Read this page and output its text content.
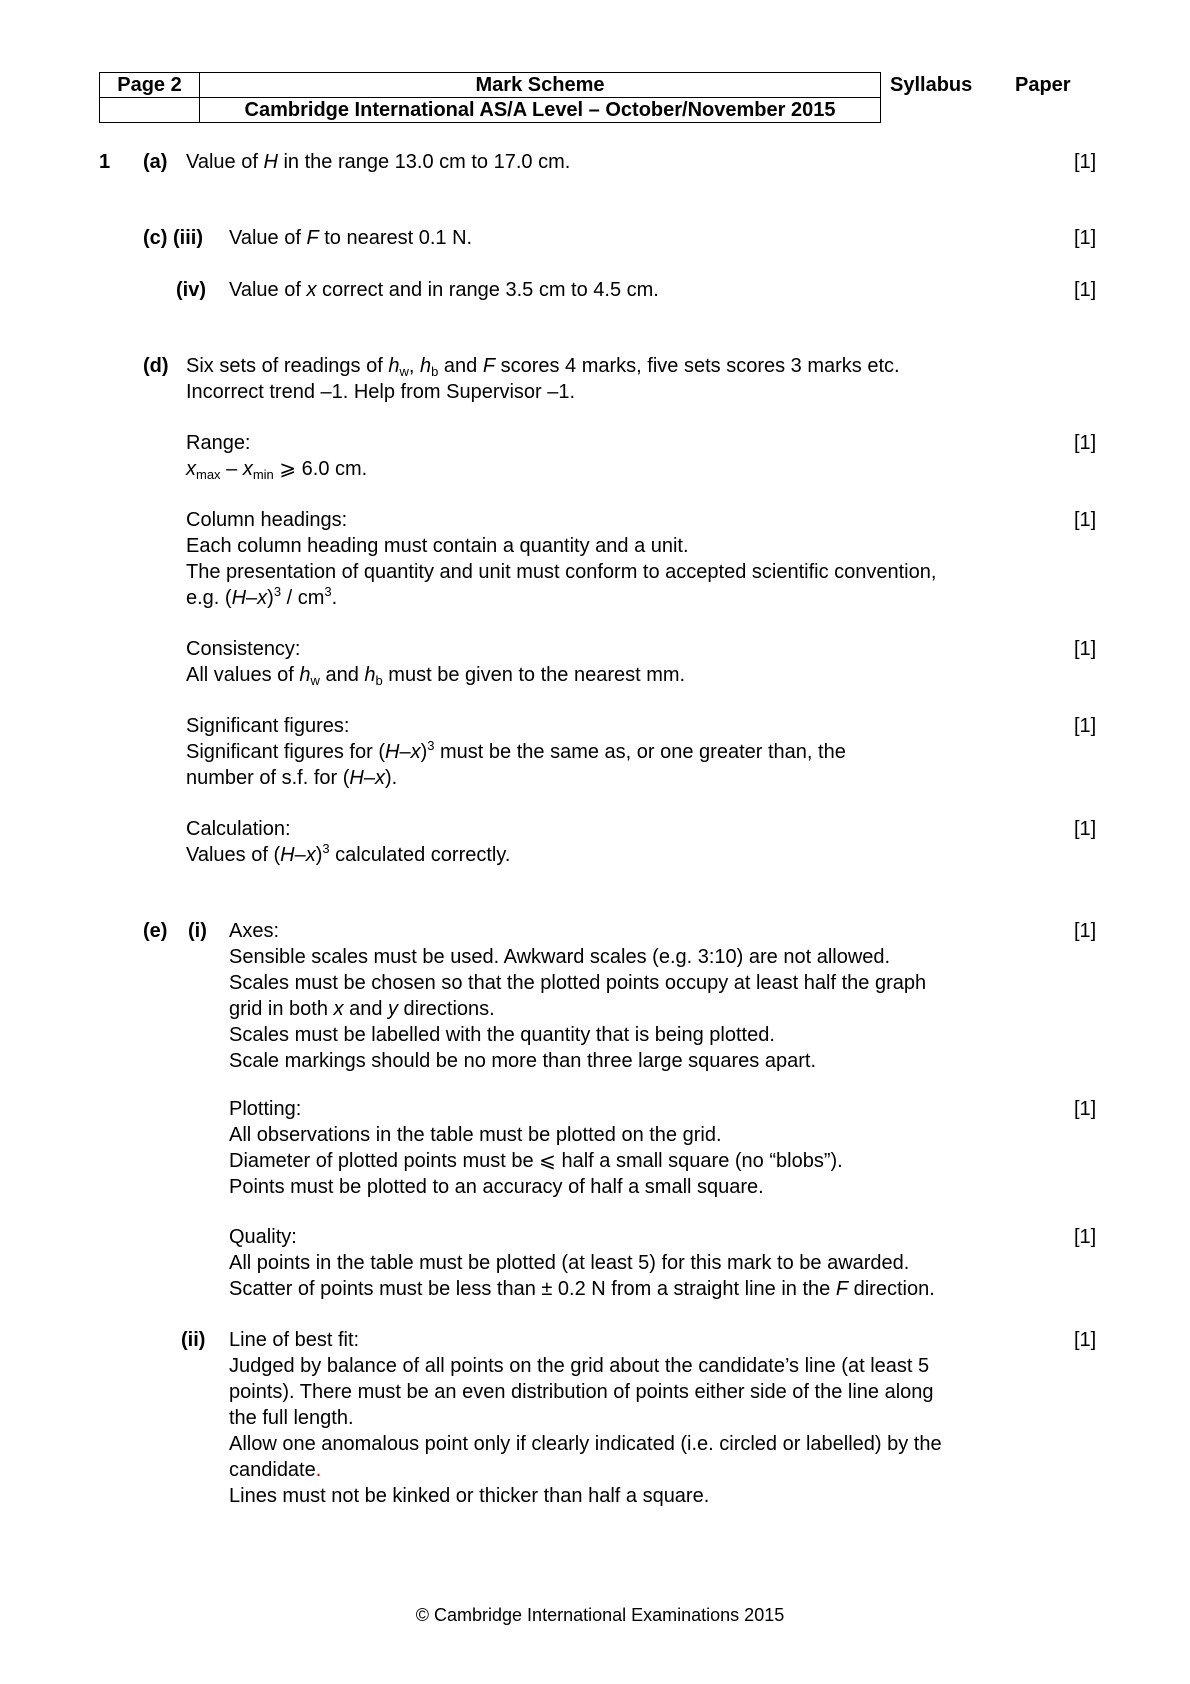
Page 2	Mark Scheme
	Cambridge International AS/A Level – October/November 2015
Syllabus Paper
1 (a) Value of H in the range 13.0 cm to 17.0 cm.	[1]
(c) (iii) Value of F to nearest 0.1 N.	[1]
(iv) Value of x correct and in range 3.5 cm to 4.5 cm.	[1]
(d) Six sets of readings of $h_w$, $h_b$ and F scores 4 marks, five sets scores 3 marks etc.
Incorrect trend –1. Help from Supervisor –1.
Range:	[1]
$x_{max} - x_{min}$ ⩾ 6.0 cm.
Column headings:	[1]
Each column heading must contain a quantity and a unit.
The presentation of quantity and unit must conform to accepted scientific convention,
e.g. $(H-x)^3 / cm^3$.
Consistency:	[1]
All values of $h_w$ and $h_b$ must be given to the nearest mm.
Significant figures:	[1]
Significant figures for $(H-x)^3$ must be the same as, or one greater than, the
number of s.f. for (H–x).
Calculation:	[1]
Values of $(H-x)^3$ calculated correctly.
(e) (i) Axes:	[1]
Sensible scales must be used. Awkward scales (e.g. 3:10) are not allowed.
Scales must be chosen so that the plotted points occupy at least half the graph
grid in both x and y directions.
Scales must be labelled with the quantity that is being plotted.
Scale markings should be no more than three large squares apart.
Plotting:	[1]
All observations in the table must be plotted on the grid.
Diameter of plotted points must be ⩽ half a small square (no “blobs”).
Points must be plotted to an accuracy of half a small square.
Quality:	[1]
All points in the table must be plotted (at least 5) for this mark to be awarded.
Scatter of points must be less than ± 0.2 N from a straight line in the F direction.
(ii) Line of best fit:	[1]
Judged by balance of all points on the grid about the candidate’s line (at least 5
points). There must be an even distribution of points either side of the line along
the full length.
Allow one anomalous point only if clearly indicated (i.e. circled or labelled) by the
candidate.
Lines must not be kinked or thicker than half a square.
© Cambridge International Examinations 2015
